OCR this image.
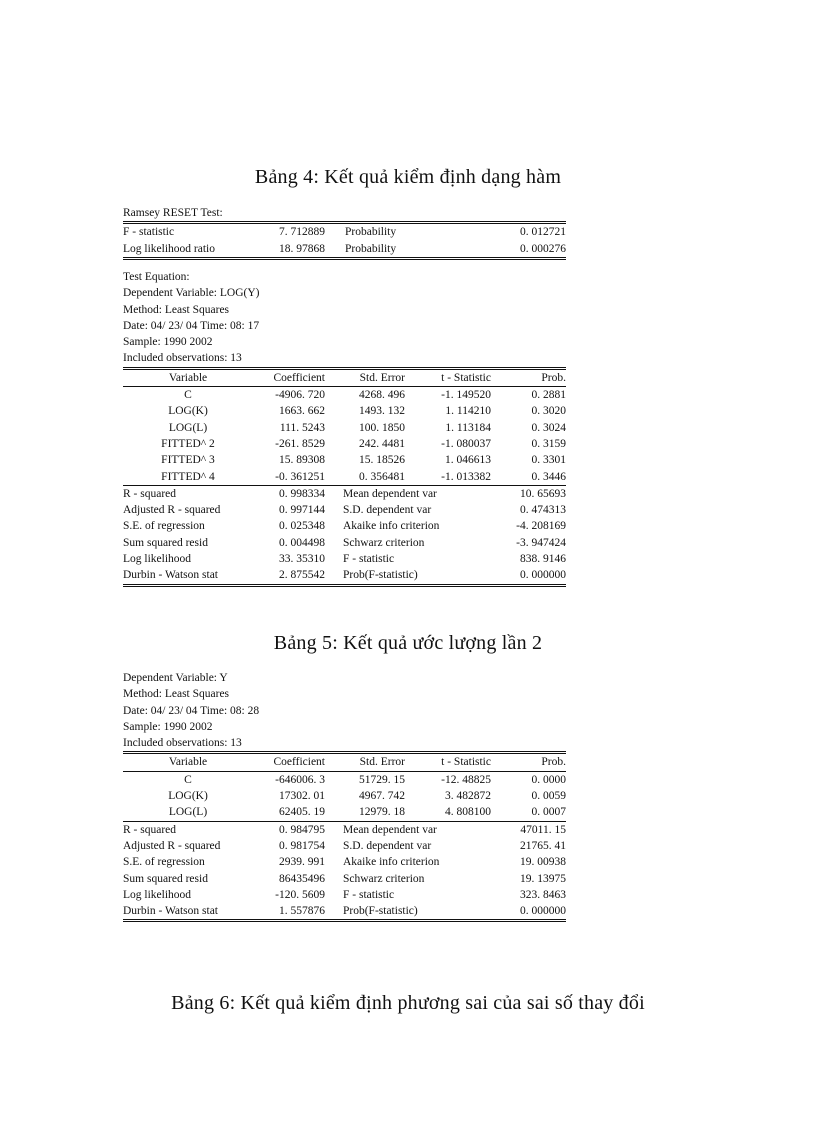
Bảng 4: Kết quả kiểm định dạng hàm
Ramsey RESET Test:

F - statistic	7. 712889		Probability	0. 012721
Log likelihood ratio	18. 97868		Probability	0. 000276
Test Equation:
Dependent Variable: LOG(Y)
Method: Least Squares
Date: 04/ 23/ 04 Time: 08: 17
Sample: 1990 2002
Included observations: 13
Variable	Coefficient	Std. Error	t - Statistic	Prob.
C	-4906. 720	4268. 496	-1. 149520	0. 2881
LOG(K)	1663. 662	1493. 132	1. 114210	0. 3020
LOG(L)	111. 5243	100. 1850	1. 113184	0. 3024
FITTED^ 2	-261. 8529	242. 4481	-1. 080037	0. 3159
FITTED^ 3	15. 89308	15. 18526	1. 046613	0. 3301
FITTED^ 4	-0. 361251	0. 356481	-1. 013382	0. 3446
R - squared	0. 998334	Mean dependent var		10. 65693
Adjusted R - squared	0. 997144	S.D. dependent var		0. 474313
S.E. of regression	0. 025348	Akaike info criterion		-4. 208169
Sum squared resid	0. 004498	Schwarz criterion		-3. 947424
Log likelihood	33. 35310	F - statistic		838. 9146
Durbin - Watson stat	2. 875542	Prob(F-statistic)		0. 000000
Bảng 5: Kết quả ước lượng lần 2
Dependent Variable: Y
Method: Least Squares
Date: 04/ 23/ 04 Time: 08: 28
Sample: 1990 2002
Included observations: 13
Variable	Coefficient	Std. Error	t - Statistic	Prob.
C	-646006. 3	51729. 15	-12. 48825	0. 0000
LOG(K)	17302. 01	4967. 742	3. 482872	0. 0059
LOG(L)	62405. 19	12979. 18	4. 808100	0. 0007
R - squared	0. 984795	Mean dependent var		47011. 15
Adjusted R - squared	0. 981754	S.D. dependent var		21765. 41
S.E. of regression	2939. 991	Akaike info criterion		19. 00938
Sum squared resid	86435496	Schwarz criterion		19. 13975
Log likelihood	-120. 5609	F - statistic		323. 8463
Durbin - Watson stat	1. 557876	Prob(F-statistic)		0. 000000
Bảng 6: Kết quả kiểm định phương sai của sai số thay đổi
